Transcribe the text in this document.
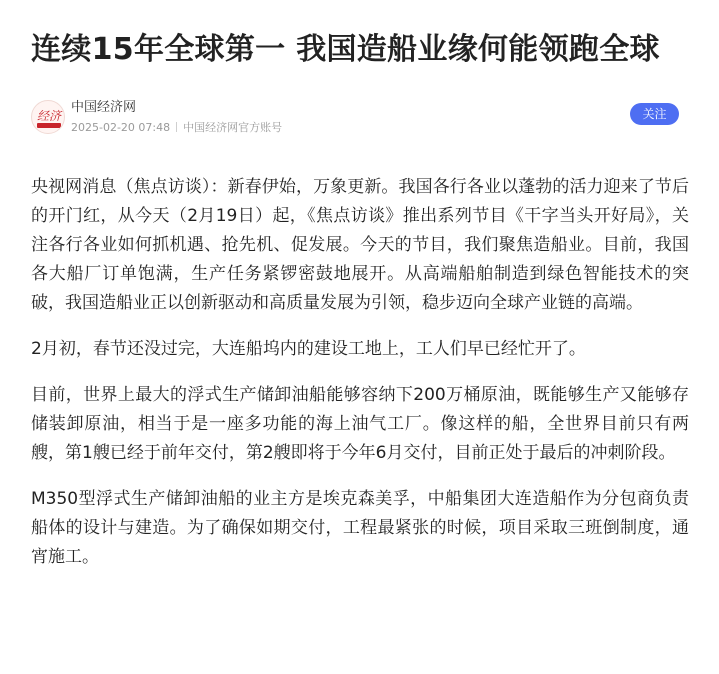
连续15年全球第一 我国造船业缘何能领跑全球
经济
中国经济网
2025-02-20 07:48 中国经济网官方账号
关注

央视网消息（焦点访谈）：新春伊始，万象更新。我国各行各业以蓬勃的活力迎来了节后的开门红，从今天（2月19日）起，《焦点访谈》推出系列节目《干字当头开好局》，关注各行各业如何抓机遇、抢先机、促发展。今天的节目，我们聚焦造船业。目前，我国各大船厂订单饱满，生产任务紧锣密鼓地展开。从高端船舶制造到绿色智能技术的突破，我国造船业正以创新驱动和高质量发展为引领，稳步迈向全球产业链的高端。

2月初，春节还没过完，大连船坞内的建设工地上，工人们早已经忙开了。

目前，世界上最大的浮式生产储卸油船能够容纳下200万桶原油，既能够生产又能够存储装卸原油，相当于是一座多功能的海上油气工厂。像这样的船，全世界目前只有两艘，第1艘已经于前年交付，第2艘即将于今年6月交付，目前正处于最后的冲刺阶段。

M350型浮式生产储卸油船的业主方是埃克森美孚，中船集团大连造船作为分包商负责船体的设计与建造。为了确保如期交付，工程最紧张的时候，项目采取三班倒制度，通宵施工。
